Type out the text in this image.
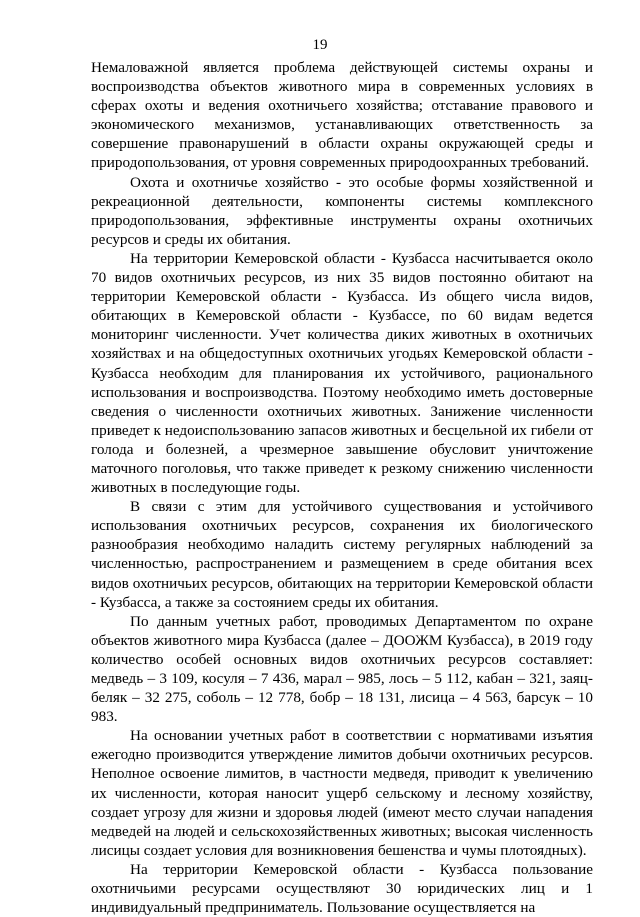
19

Немаловажной является проблема действующей системы охраны и воспроизводства объектов животного мира в современных условиях в сферах охоты и ведения охотничьего хозяйства; отставание правового и экономического механизмов, устанавливающих ответственность за совершение правонарушений в области охраны окружающей среды и природопользования, от уровня современных природоохранных требований.

Охота и охотничье хозяйство - это особые формы хозяйственной и рекреационной деятельности, компоненты системы комплексного природопользования, эффективные инструменты охраны охотничьих ресурсов и среды их обитания.

На территории Кемеровской области - Кузбасса насчитывается около 70 видов охотничьих ресурсов, из них 35 видов постоянно обитают на территории Кемеровской области - Кузбасса. Из общего числа видов, обитающих в Кемеровской области - Кузбассе, по 60 видам ведется мониторинг численности. Учет количества диких животных в охотничьих хозяйствах и на общедоступных охотничьих угодьях Кемеровской области - Кузбасса необходим для планирования их устойчивого, рационального использования и воспроизводства. Поэтому необходимо иметь достоверные сведения о численности охотничьих животных. Занижение численности приведет к недоиспользованию запасов животных и бесцельной их гибели от голода и болезней, а чрезмерное завышение обусловит уничтожение маточного поголовья, что также приведет к резкому снижению численности животных в последующие годы.

В связи с этим для устойчивого существования и устойчивого использования охотничьих ресурсов, сохранения их биологического разнообразия необходимо наладить систему регулярных наблюдений за численностью, распространением и размещением в среде обитания всех видов охотничьих ресурсов, обитающих на территории Кемеровской области - Кузбасса, а также за состоянием среды их обитания.

По данным учетных работ, проводимых Департаментом по охране объектов животного мира Кузбасса (далее – ДООЖМ Кузбасса), в 2019 году количество особей основных видов охотничьих ресурсов составляет: медведь – 3 109, косуля – 7 436, марал – 985, лось – 5 112, кабан – 321, заяц-беляк – 32 275, соболь – 12 778, бобр – 18 131, лисица – 4 563, барсук – 10 983.

На основании учетных работ в соответствии с нормативами изъятия ежегодно производится утверждение лимитов добычи охотничьих ресурсов. Неполное освоение лимитов, в частности медведя, приводит к увеличению их численности, которая наносит ущерб сельскому и лесному хозяйству, создает угрозу для жизни и здоровья людей (имеют место случаи нападения медведей на людей и сельскохозяйственных животных; высокая численность лисицы создает условия для возникновения бешенства и чумы плотоядных).

На территории Кемеровской области - Кузбасса пользование охотничьими ресурсами осуществляют 30 юридических лиц и 1 индивидуальный предприниматель. Пользование осуществляется на
